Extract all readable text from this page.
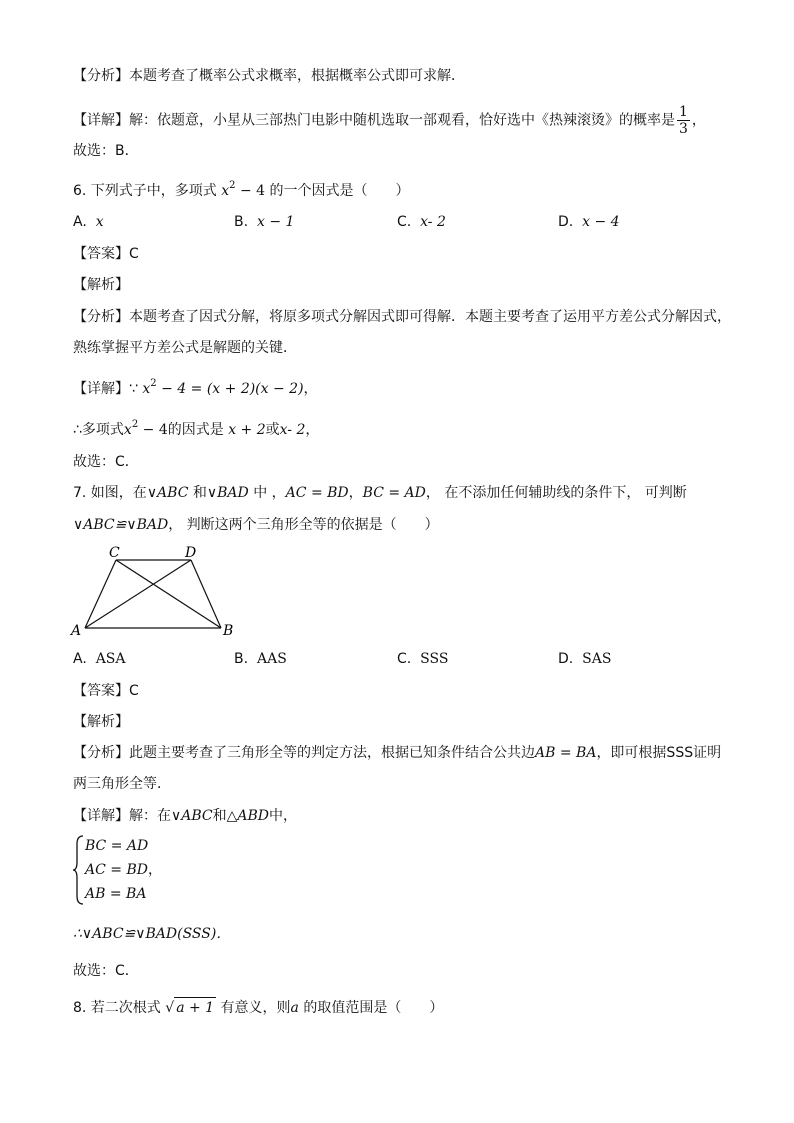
【分析】本题考查了概率公式求概率，根据概率公式即可求解．
【详解】解：依题意，小星从三部热门电影中随机选取一部观看，恰好选中《热辣滚烫》的概率是 $\frac{1}{3}$ ，
故选：B．
6. 下列式子中，多项式 $x^2 - 4$ 的一个因式是（　　）
A. x	B. x − 1	C. x- 2	D. x − 4
【答案】C
【解析】
【分析】本题考查了因式分解，将原多项式分解因式即可得解．本题主要考查了运用平方差公式分解因式，
熟练掌握平方差公式是解题的关键．
【详解】∵ $x^2 - 4 = (x + 2)(x - 2)$，
∴多项式$x^2 - 4$的因式是 x + 2或x- 2，
故选：C．
7. 如图，在∨ABC 和∨BAD 中 ，AC = BD，BC = AD， 在不添加任何辅助线的条件下， 可判断
∨ABC≌∨BAD， 判断这两个三角形全等的依据是（　　）
C	D
A	B
A. ASA	B. AAS	C. SSS	D. SAS
【答案】C
【解析】
【分析】此题主要考查了三角形全等的判定方法，根据已知条件结合公共边AB = BA，即可根据SSS证明
两三角形全等．
【详解】解：在∨ABC和△ABD中，
BC = AD
AC = BD，
AB = BA
∴∨ABC≌∨BAD(SSS)．
故选：C．
8. 若二次根式 √ a + 1 有意义，则a 的取值范围是（　　）
